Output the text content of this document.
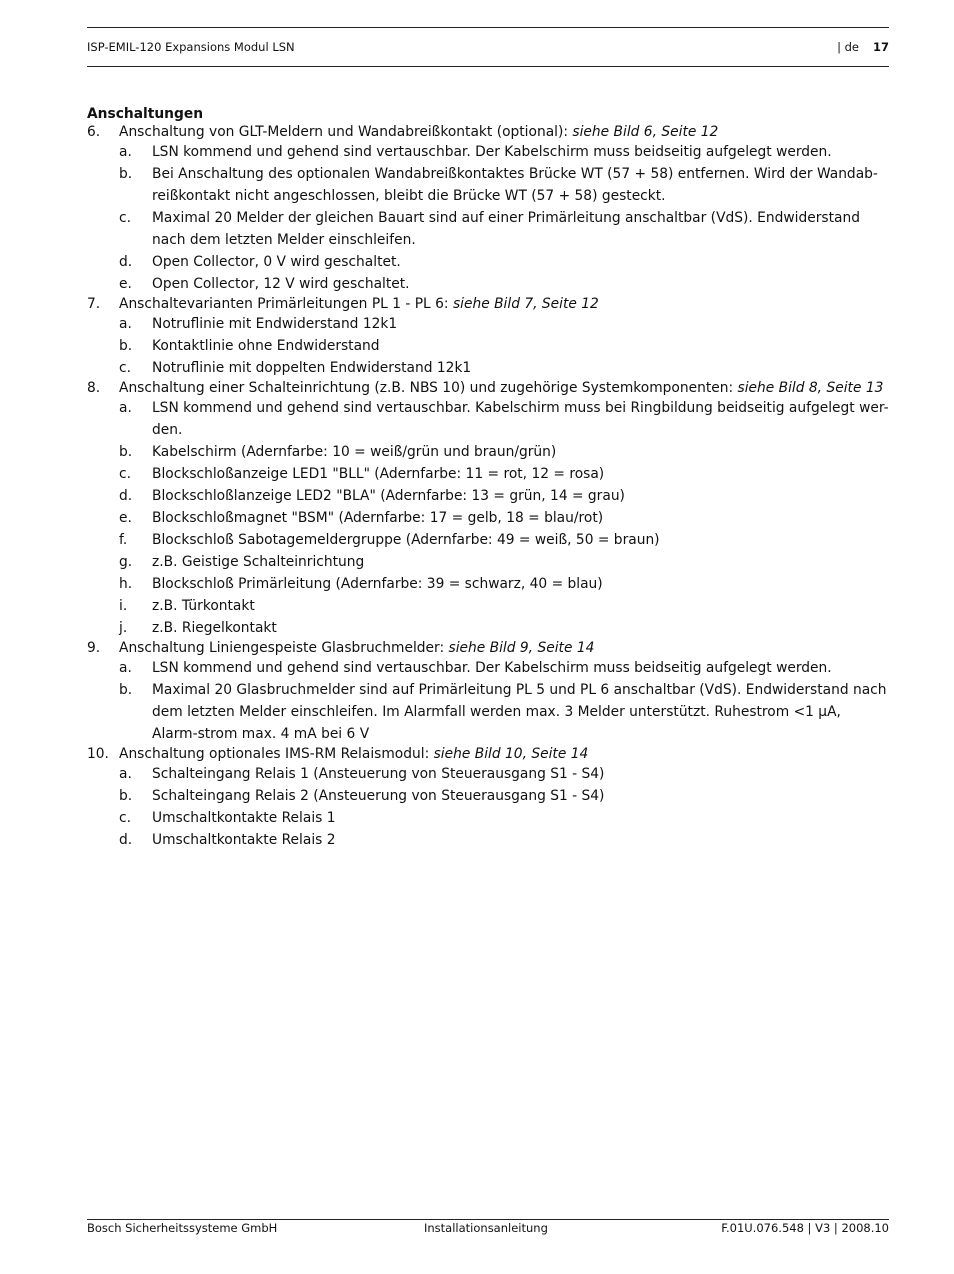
ISP-EMIL-120 Expansions Modul LSN	| de 17
Anschaltungen
6. Anschaltung von GLT-Meldern und Wandabreißkontakt (optional): siehe Bild 6, Seite 12
a. LSN kommend und gehend sind vertauschbar. Der Kabelschirm muss beidseitig aufgelegt werden.
b. Bei Anschaltung des optionalen Wandabreißkontaktes Brücke WT (57 + 58) entfernen. Wird der Wandab-reißkontakt nicht angeschlossen, bleibt die Brücke WT (57 + 58) gesteckt.
c. Maximal 20 Melder der gleichen Bauart sind auf einer Primärleitung anschaltbar (VdS). Endwiderstand nach dem letzten Melder einschleifen.
d. Open Collector, 0 V wird geschaltet.
e. Open Collector, 12 V wird geschaltet.
7. Anschaltevarianten Primärleitungen PL 1 - PL 6: siehe Bild 7, Seite 12
a. Notruflinie mit Endwiderstand 12k1
b. Kontaktlinie ohne Endwiderstand
c. Notruflinie mit doppelten Endwiderstand 12k1
8. Anschaltung einer Schalteinrichtung (z.B. NBS 10) und zugehörige Systemkomponenten: siehe Bild 8, Seite 13
a. LSN kommend und gehend sind vertauschbar. Kabelschirm muss bei Ringbildung beidseitig aufgelegt wer-den.
b. Kabelschirm (Adernfarbe: 10 = weiß/grün und braun/grün)
c. Blockschloßanzeige LED1 "BLL" (Adernfarbe: 11 = rot, 12 = rosa)
d. Blockschloßlanzeige LED2 "BLA" (Adernfarbe: 13 = grün, 14 = grau)
e. Blockschloßmagnet "BSM" (Adernfarbe: 17 = gelb, 18 = blau/rot)
f. Blockschloß Sabotagemeldergruppe (Adernfarbe: 49 = weiß, 50 = braun)
g. z.B. Geistige Schalteinrichtung
h. Blockschloß Primärleitung (Adernfarbe: 39 = schwarz, 40 = blau)
i. z.B. Türkontakt
j. z.B. Riegelkontakt
9. Anschaltung Liniengespeiste Glasbruchmelder: siehe Bild 9, Seite 14
a. LSN kommend und gehend sind vertauschbar. Der Kabelschirm muss beidseitig aufgelegt werden.
b. Maximal 20 Glasbruchmelder sind auf Primärleitung PL 5 und PL 6 anschaltbar (VdS). Endwiderstand nach dem letzten Melder einschleifen. Im Alarmfall werden max. 3 Melder unterstützt. Ruhestrom <1 µA, Alarm-strom max. 4 mA bei 6 V
10. Anschaltung optionales IMS-RM Relaismodul: siehe Bild 10, Seite 14
a. Schalteingang Relais 1 (Ansteuerung von Steuerausgang S1 - S4)
b. Schalteingang Relais 2 (Ansteuerung von Steuerausgang S1 - S4)
c. Umschaltkontakte Relais 1
d. Umschaltkontakte Relais 2
Bosch Sicherheitssysteme GmbH	Installationsanleitung	F.01U.076.548 | V3 | 2008.10
